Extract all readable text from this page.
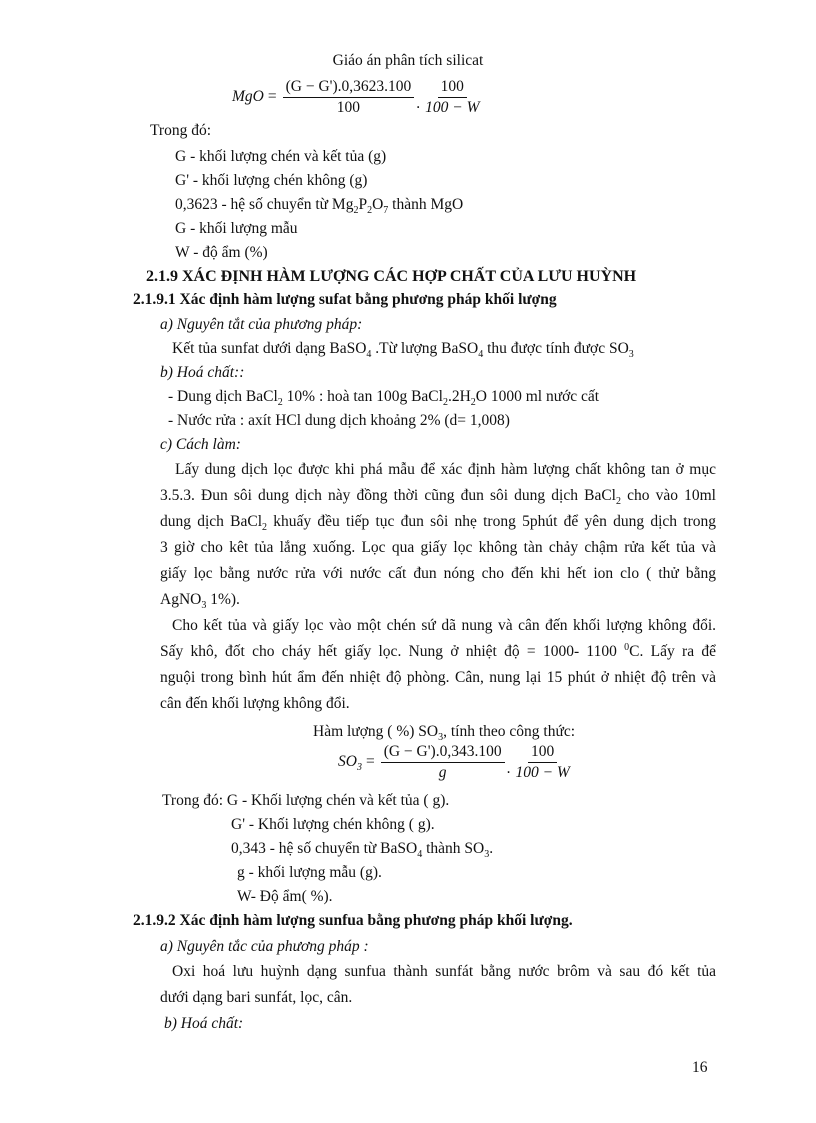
Giáo án phân tích silicat
MgO = $\frac{(G - G').0,3623.100}{100}$ . $\frac{100}{100 - W}$
Trong đó:
G - khối lượng chén và kết tủa (g)
G' - khối lượng chén không (g)
0,3623 - hệ số chuyển từ $Mg_2P_2O_7$ thành MgO
G - khối lượng mẫu
W - độ ẩm (%)
2.1.9 XÁC ĐỊNH HÀM LƯỢNG CÁC HỢP CHẤT CỦA LƯU HUỲNH
2.1.9.1 Xác định hàm lượng sufat bằng phương pháp khối lượng
a) Nguyên tắt của phương pháp:
Kết tủa sunfat dưới dạng BaSO$_4$ .Từ lượng BaSO$_4$ thu được tính được $SO_3$
b) Hoá chất::
- Dung dịch BaCl$_2$ 10% : hoà tan 100g $BaCl_2.2H_2O$ 1000 ml nước cất
- Nước rửa : axít HCl dung dịch khoảng 2% (d= 1,008)
c) Cách làm:
Lấy dung dịch lọc được khi phá mẫu để xác định hàm lượng chất không tan ở mục
3.5.3. Đun sôi dung dịch này đồng thời cũng đun sôi dung dịch BaCl$_2$ cho vào 10ml
dung dịch BaCl$_2$ khuấy đều tiếp tục đun sôi nhẹ trong 5phút để yên dung dịch trong
3 giờ cho kêt tủa lắng xuống. Lọc qua giấy lọc không tàn chảy chậm rửa kết tủa và
giấy lọc bằng nước rửa với nước cất đun nóng cho đến khi hết ion clo ( thử bằng
AgNO$_3$ 1%).
Cho kết tủa và giấy lọc vào một chén sứ dã nung và cân đến khối lượng không đổi.
Sấy khô, đốt cho cháy hết giấy lọc. Nung ở nhiệt độ = 1000- 1100 $^0$C. Lấy ra để
nguội trong bình hút ẩm đến nhiệt độ phòng. Cân, nung lại 15 phút ở nhiệt độ trên và
cân đến khối lượng không đổi.
Hàm lượng ( %) $SO_3$, tính theo công thức:
$SO_3 = \frac{(G - G').0,343.100}{g}$ . $\frac{100}{100 - W}$
Trong đó: G - Khối lượng chén và kết tủa ( g).
G' - Khối lượng chén không ( g).
0,343 - hệ số chuyển từ BaSO$_4$ thành $SO_3$.
g - khối lượng mẫu (g).
W- Độ ẩm( %).
2.1.9.2 Xác định hàm lượng sunfua bằng phương pháp khối lượng.
a) Nguyên tắc của phương pháp :
Oxi hoá lưu huỳnh dạng sunfua thành sunfát bằng nước brôm và sau đó kết tủa
dưới dạng bari sunfát, lọc, cân.
b) Hoá chất:
16
